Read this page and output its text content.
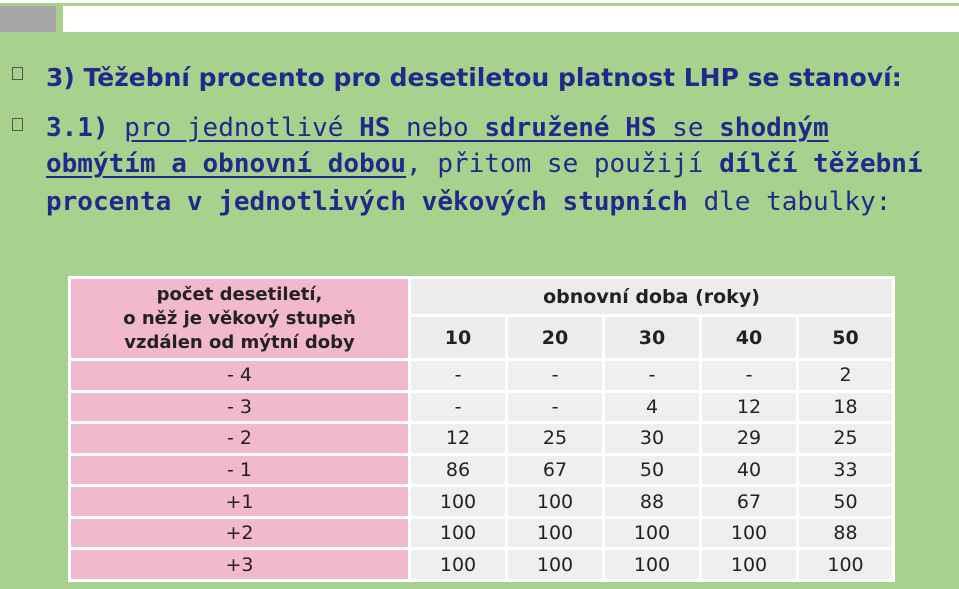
3) Těžební procento pro desetiletou platnost LHP se stanoví:
3.1) pro jednotlivé HS nebo sdružené HS se shodným
obmýtím a obnovní dobou, přitom se použijí dílčí těžební
procenta v jednotlivých věkových stupních dle tabulky:
počet desetiletí,
o něž je věkový stupeň
vzdálen od mýtní doby	obnovní doba (roky)				
	10	20	30	40	50
- 4	-	-	-	-	2
- 3	-	-	4	12	18
- 2	12	25	30	29	25
- 1	86	67	50	40	33
+1	100	100	88	67	50
+2	100	100	100	100	88
+3	100	100	100	100	100
